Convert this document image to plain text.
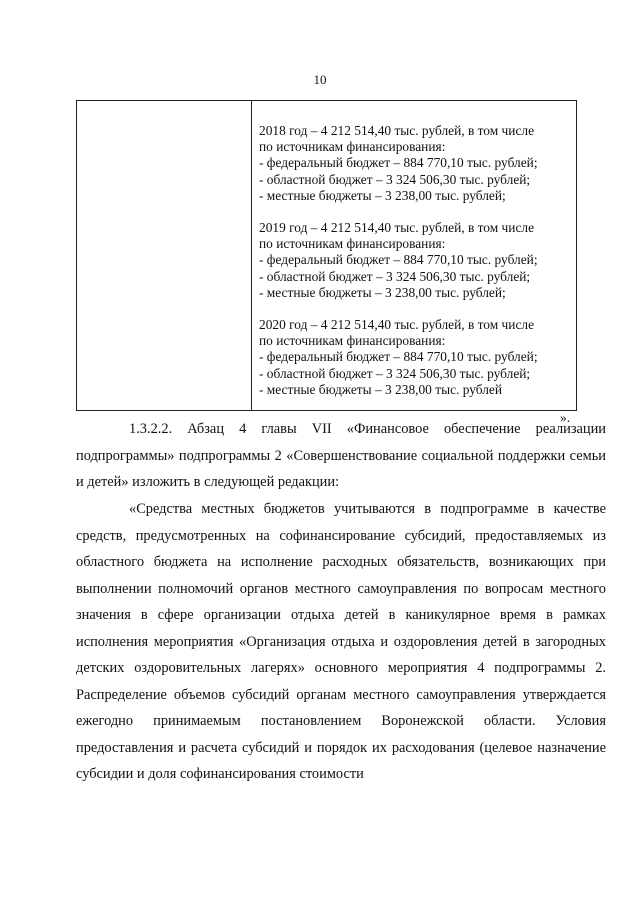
10
2018 год – 4 212 514,40 тыс. рублей, в том числе
по источникам финансирования:
- федеральный бюджет – 884 770,10 тыс. рублей;
- областной бюджет – 3 324 506,30 тыс. рублей;
- местные бюджеты – 3 238,00 тыс. рублей;
2019 год – 4 212 514,40 тыс. рублей, в том числе
по источникам финансирования:
- федеральный бюджет – 884 770,10 тыс. рублей;
- областной бюджет – 3 324 506,30 тыс. рублей;
- местные бюджеты – 3 238,00 тыс. рублей;
2020 год – 4 212 514,40 тыс. рублей, в том числе
по источникам финансирования:
- федеральный бюджет – 884 770,10 тыс. рублей;
- областной бюджет – 3 324 506,30 тыс. рублей;
- местные бюджеты – 3 238,00 тыс. рублей
».

1.3.2.2. Абзац 4 главы VII «Финансовое обеспечение реализации подпрограммы» подпрограммы 2 «Совершенствование социальной поддержки семьи и детей» изложить в следующей редакции:

«Средства местных бюджетов учитываются в подпрограмме в качестве средств, предусмотренных на софинансирование субсидий, предоставляемых из областного бюджета на исполнение расходных обязательств, возникающих при выполнении полномочий органов местного самоуправления по вопросам местного значения в сфере организации отдыха детей в каникулярное время в рамках исполнения мероприятия «Организация отдыха и оздоровления детей в загородных детских оздоровительных лагерях» основного мероприятия 4 подпрограммы 2. Распределение объемов субсидий органам местного самоуправления утверждается ежегодно принимаемым постановлением Воронежской области. Условия предоставления и расчета субсидий и порядок их расходования (целевое назначение субсидии и доля софинансирования стоимости
